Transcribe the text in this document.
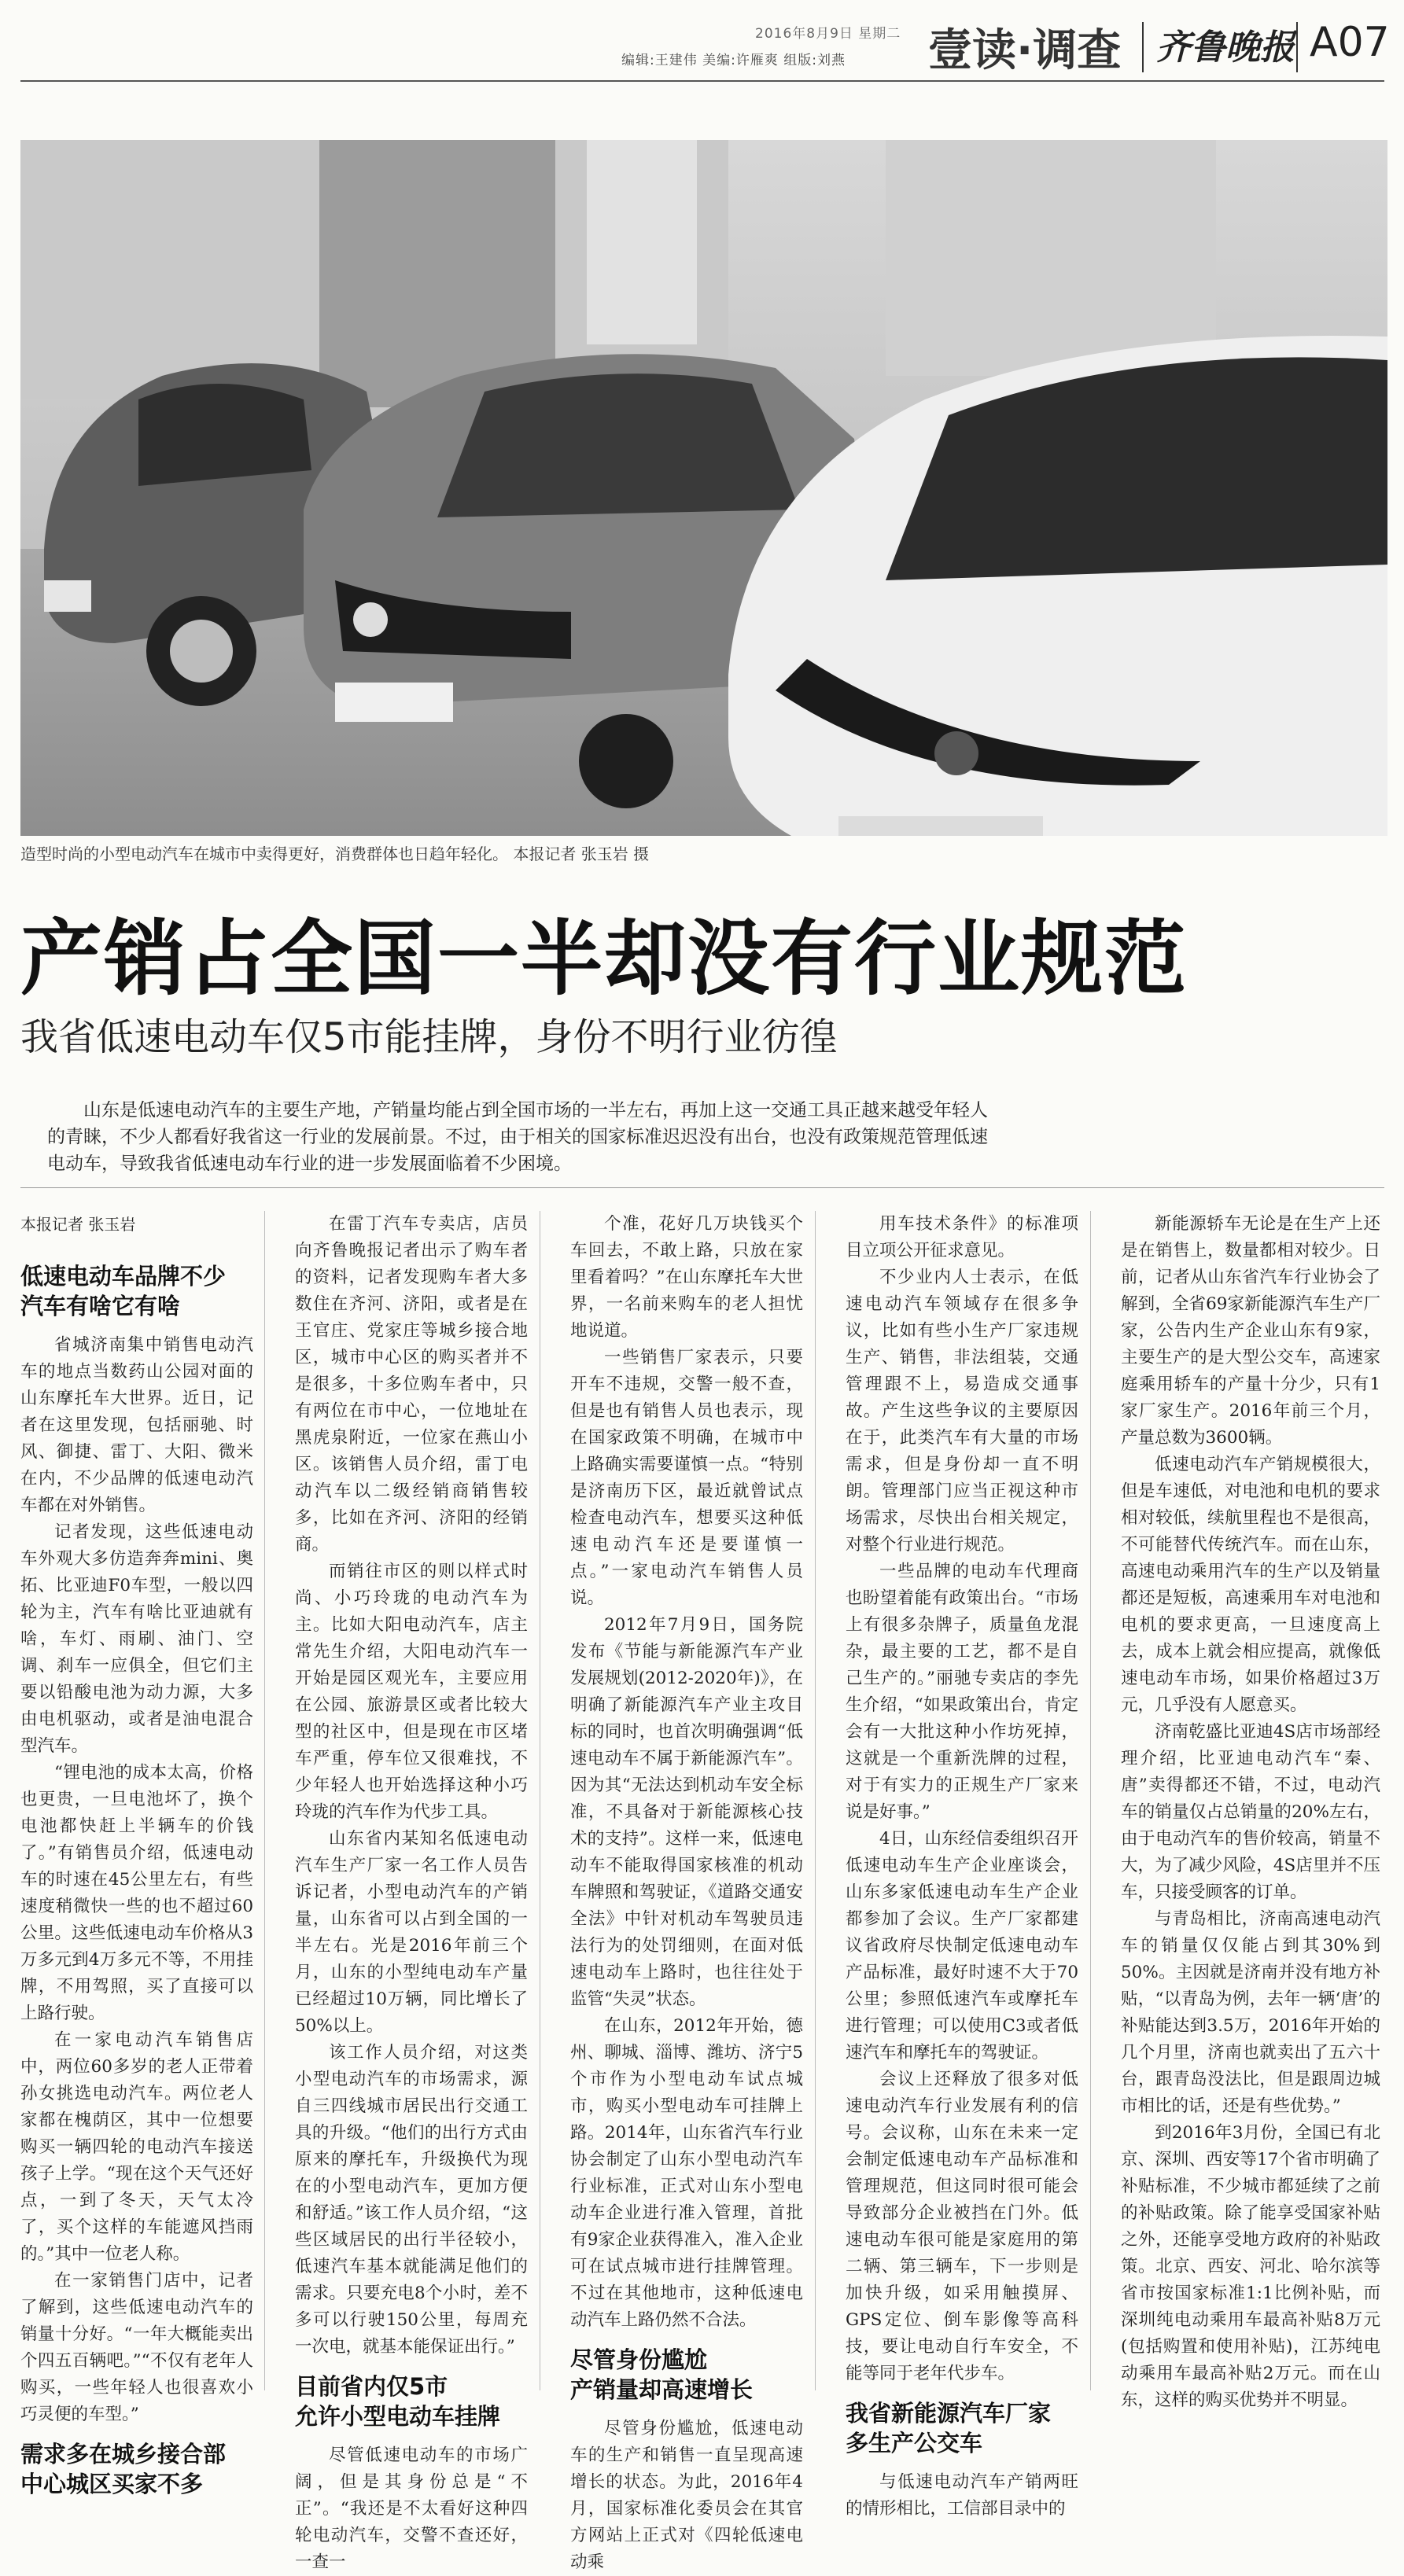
2016年8月9日 星期二
编辑:王建伟 美编:许雁爽 组版:刘燕 壹读·调查 齐鲁晚报 A07
造型时尚的小型电动汽车在城市中卖得更好，消费群体也日趋年轻化。 本报记者 张玉岩 摄
产销占全国一半却没有行业规范
我省低速电动车仅5市能挂牌，身份不明行业彷徨
山东是低速电动汽车的主要生产地，产销量均能占到全国市场的一半左右，再加上这一交通工具正越来越受年轻人的青睐，不少人都看好我省这一行业的发展前景。不过，由于相关的国家标准迟迟没有出台，也没有政策规范管理低速电动车，导致我省低速电动车行业的进一步发展面临着不少困境。
本报记者 张玉岩
低速电动车品牌不少
汽车有啥它有啥

省城济南集中销售电动汽车的地点当数药山公园对面的山东摩托车大世界。近日，记者在这里发现，包括丽驰、时风、御捷、雷丁、大阳、微米在内，不少品牌的低速电动汽车都在对外销售。

记者发现，这些低速电动车外观大多仿造奔奔mini、奥拓、比亚迪F0车型，一般以四轮为主，汽车有啥比亚迪就有啥，车灯、雨刷、油门、空调、刹车一应俱全，但它们主要以铅酸电池为动力源，大多由电机驱动，或者是油电混合型汽车。

“锂电池的成本太高，价格也更贵，一旦电池坏了，换个电池都快赶上半辆车的价钱了。”有销售员介绍，低速电动车的时速在45公里左右，有些速度稍微快一些的也不超过60公里。这些低速电动车价格从3万多元到4万多元不等，不用挂牌，不用驾照，买了直接可以上路行驶。

在一家电动汽车销售店中，两位60多岁的老人正带着孙女挑选电动汽车。两位老人家都在槐荫区，其中一位想要购买一辆四轮的电动汽车接送孩子上学。“现在这个天气还好点，一到了冬天，天气太冷了，买个这样的车能遮风挡雨的。”其中一位老人称。

在一家销售门店中，记者了解到，这些低速电动汽车的销量十分好。“一年大概能卖出个四五百辆吧。”“不仅有老年人购买，一些年轻人也很喜欢小巧灵便的车型。”

需求多在城乡接合部
中心城区买家不多

在雷丁汽车专卖店，店员向齐鲁晚报记者出示了购车者的资料，记者发现购车者大多数住在齐河、济阳，或者是在王官庄、党家庄等城乡接合地区，城市中心区的购买者并不是很多，十多位购车者中，只有两位在市中心，一位地址在黑虎泉附近，一位家在燕山小区。该销售人员介绍，雷丁电动汽车以二级经销商销售较多，比如在齐河、济阳的经销商。

而销往市区的则以样式时尚、小巧玲珑的电动汽车为主。比如大阳电动汽车，店主常先生介绍，大阳电动汽车一开始是园区观光车，主要应用在公园、旅游景区或者比较大型的社区中，但是现在市区堵车严重，停车位又很难找，不少年轻人也开始选择这种小巧玲珑的汽车作为代步工具。

山东省内某知名低速电动汽车生产厂家一名工作人员告诉记者，小型电动汽车的产销量，山东省可以占到全国的一半左右。光是2016年前三个月，山东的小型纯电动车产量已经超过10万辆，同比增长了50%以上。

该工作人员介绍，对这类小型电动汽车的市场需求，源自三四线城市居民出行交通工具的升级。“他们的出行方式由原来的摩托车，升级换代为现在的小型电动汽车，更加方便和舒适。”该工作人员介绍，“这些区域居民的出行半径较小，低速汽车基本就能满足他们的需求。只要充电8个小时，差不多可以行驶150公里，每周充一次电，就基本能保证出行。”

目前省内仅5市
允许小型电动车挂牌

尽管低速电动车的市场广阔，但是其身份总是“不正”。“我还是不太看好这种四轮电动汽车，交警不查还好，一查一

个准，花好几万块钱买个车回去，不敢上路，只放在家里看着吗？”在山东摩托车大世界，一名前来购车的老人担忧地说道。

一些销售厂家表示，只要开车不违规，交警一般不查，但是也有销售人员也表示，现在国家政策不明确，在城市中上路确实需要谨慎一点。“特别是济南历下区，最近就曾试点检查电动汽车，想要买这种低速电动汽车还是要谨慎一点。”一家电动汽车销售人员说。

2012年7月9日，国务院发布《节能与新能源汽车产业发展规划(2012-2020年)》，在明确了新能源汽车产业主攻目标的同时，也首次明确强调“低速电动车不属于新能源汽车”。因为其“无法达到机动车安全标准，不具备对于新能源核心技术的支持”。这样一来，低速电动车不能取得国家核准的机动车牌照和驾驶证，《道路交通安全法》中针对机动车驾驶员违法行为的处罚细则，在面对低速电动车上路时，也往往处于监管“失灵”状态。

在山东，2012年开始，德州、聊城、淄博、潍坊、济宁5个市作为小型电动车试点城市，购买小型电动车可挂牌上路。2014年，山东省汽车行业协会制定了山东小型电动汽车行业标准，正式对山东小型电动车企业进行准入管理，首批有9家企业获得准入，准入企业可在试点城市进行挂牌管理。不过在其他地市，这种低速电动汽车上路仍然不合法。

尽管身份尴尬
产销量却高速增长

尽管身份尴尬，低速电动车的生产和销售一直呈现高速增长的状态。为此，2016年4月，国家标准化委员会在其官方网站上正式对《四轮低速电动乘

用车技术条件》的标准项目立项公开征求意见。

不少业内人士表示，在低速电动汽车领域存在很多争议，比如有些小生产厂家违规生产、销售，非法组装，交通管理跟不上，易造成交通事故。产生这些争议的主要原因在于，此类汽车有大量的市场需求，但是身份却一直不明朗。管理部门应当正视这种市场需求，尽快出台相关规定，对整个行业进行规范。

一些品牌的电动车代理商也盼望着能有政策出台。“市场上有很多杂牌子，质量鱼龙混杂，最主要的工艺，都不是自己生产的。”丽驰专卖店的李先生介绍，“如果政策出台，肯定会有一大批这种小作坊死掉，这就是一个重新洗牌的过程，对于有实力的正规生产厂家来说是好事。”

4日，山东经信委组织召开低速电动车生产企业座谈会，山东多家低速电动车生产企业都参加了会议。生产厂家都建议省政府尽快制定低速电动车产品标准，最好时速不大于70公里；参照低速汽车或摩托车进行管理；可以使用C3或者低速汽车和摩托车的驾驶证。

会议上还释放了很多对低速电动汽车行业发展有利的信号。会议称，山东在未来一定会制定低速电动车产品标准和管理规范，但这同时很可能会导致部分企业被挡在门外。低速电动车很可能是家庭用的第二辆、第三辆车，下一步则是加快升级，如采用触摸屏、GPS定位、倒车影像等高科技，要让电动自行车安全，不能等同于老年代步车。

我省新能源汽车厂家
多生产公交车

与低速电动汽车产销两旺的情形相比，工信部目录中的

新能源轿车无论是在生产上还是在销售上，数量都相对较少。日前，记者从山东省汽车行业协会了解到，全省69家新能源汽车生产厂家，公告内生产企业山东有9家，主要生产的是大型公交车，高速家庭乘用轿车的产量十分少，只有1家厂家生产。2016年前三个月，产量总数为3600辆。

低速电动汽车产销规模很大，但是车速低，对电池和电机的要求相对较低，续航里程也不是很高，不可能替代传统汽车。而在山东，高速电动乘用汽车的生产以及销量都还是短板，高速乘用车对电池和电机的要求更高，一旦速度高上去，成本上就会相应提高，就像低速电动车市场，如果价格超过3万元，几乎没有人愿意买。

济南乾盛比亚迪4S店市场部经理介绍，比亚迪电动汽车“秦、唐”卖得都还不错，不过，电动汽车的销量仅占总销量的20%左右，由于电动汽车的售价较高，销量不大，为了减少风险，4S店里并不压车，只接受顾客的订单。

与青岛相比，济南高速电动汽车的销量仅仅能占到其30%到50%。主因就是济南并没有地方补贴，“以青岛为例，去年一辆‘唐’的补贴能达到3.5万，2016年开始的几个月里，济南也就卖出了五六十台，跟青岛没法比，但是跟周边城市相比的话，还是有些优势。”

到2016年3月份，全国已有北京、深圳、西安等17个省市明确了补贴标准，不少城市都延续了之前的补贴政策。除了能享受国家补贴之外，还能享受地方政府的补贴政策。北京、西安、河北、哈尔滨等省市按国家标准1:1比例补贴，而深圳纯电动乘用车最高补贴8万元(包括购置和使用补贴)，江苏纯电动乘用车最高补贴2万元。而在山东，这样的购买优势并不明显。
